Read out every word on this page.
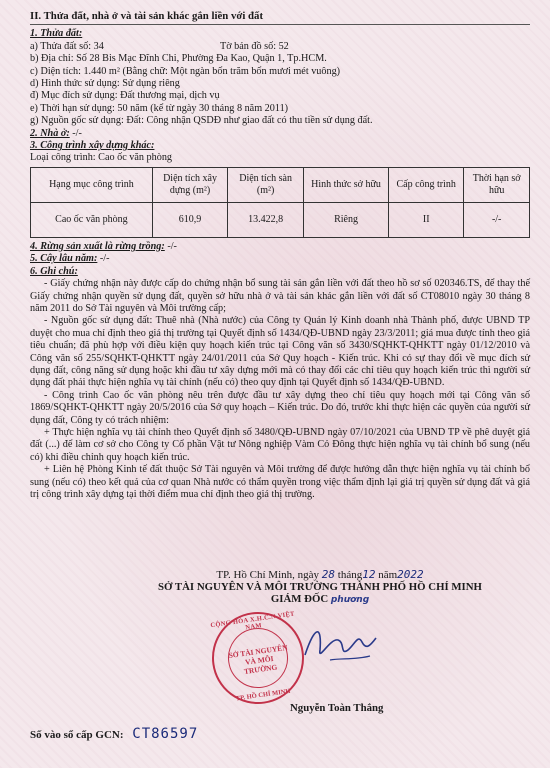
II. Thửa đất, nhà ở và tài sản khác gắn liền với đất
1. Thửa đất:
a) Thửa đất số: 34	Tờ bản đồ số: 52
b) Địa chỉ: Số 28 Bis Mạc Đĩnh Chi, Phường Đa Kao, Quận 1, Tp.HCM.
c) Diện tích: 1.440 m² (Bằng chữ: Một ngàn bốn trăm bốn mươi mét vuông)
d) Hình thức sử dụng: Sử dụng riêng
đ) Mục đích sử dụng: Đất thương mại, dịch vụ
e) Thời hạn sử dụng: 50 năm (kể từ ngày 30 tháng 8 năm 2011)
g) Nguồn gốc sử dụng: Đất: Công nhận QSDĐ như giao đất có thu tiền sử dụng đất.
2. Nhà ở: -/-
3. Công trình xây dựng khác:
Loại công trình: Cao ốc văn phòng
Hạng mục công trình	Diện tích xây dựng (m²)	Diện tích sàn (m²)	Hình thức sở hữu	Cấp công trình	Thời hạn sở hữu
Cao ốc văn phòng	610,9	13.422,8	Riêng	II	-/-
4. Rừng sản xuất là rừng trồng: -/-
5. Cây lâu năm: -/-
6. Ghi chú:

- Giấy chứng nhận này được cấp do chứng nhận bổ sung tài sản gắn liền với đất theo hồ sơ số 020346.TS, để thay thế Giấy chứng nhận quyền sử dụng đất, quyền sở hữu nhà ở và tài sản khác gắn liền với đất số CT08010 ngày 30 tháng 8 năm 2011 do Sở Tài nguyên và Môi trường cấp;

- Nguồn gốc sử dụng đất: Thuê nhà (Nhà nước) của Công ty Quản lý Kinh doanh nhà Thành phố, được UBND TP duyệt cho mua chỉ định theo giá thị trường tại Quyết định số 1434/QĐ-UBND ngày 23/3/2011; giá mua được tính theo giá tiêu chuẩn; đã phù hợp với điều kiện quy hoạch kiến trúc tại Công văn số 3430/SQHKT-QHKTT ngày 01/12/2010 và Công văn số 255/SQHKT-QHKTT ngày 24/01/2011 của Sở Quy hoạch - Kiến trúc. Khi có sự thay đổi về mục đích sử dụng đất, công năng sử dụng hoặc khi đầu tư xây dựng mới mà có thay đổi các chỉ tiêu quy hoạch kiến trúc thì người sử dụng đất phải thực hiện nghĩa vụ tài chính (nếu có) theo quy định tại Quyết định số 1434/QĐ-UBND.

- Công trình Cao ốc văn phòng nêu trên được đầu tư xây dựng theo chỉ tiêu quy hoạch mới tại Công văn số 1869/SQHKT-QHKTT ngày 20/5/2016 của Sở quy hoạch – Kiến trúc. Do đó, trước khi thực hiện các quyền của người sử dụng đất, Công ty có trách nhiệm:

+ Thực hiện nghĩa vụ tài chính theo Quyết định số 3480/QĐ-UBND ngày 07/10/2021 của UBND TP về phê duyệt giá đất (...) để làm cơ sở cho Công ty Cổ phần Vật tư Nông nghiệp Vàm Cỏ Đông thực hiện nghĩa vụ tài chính bổ sung (nếu có) khi điều chỉnh quy hoạch kiến trúc.

+ Liên hệ Phòng Kinh tế đất thuộc Sở Tài nguyên và Môi trường để được hướng dẫn thực hiện nghĩa vụ tài chính bổ sung (nếu có) theo kết quả của cơ quan Nhà nước có thẩm quyền trong việc thẩm định lại giá trị quyền sử dụng đất và giá trị công trình xây dựng tại thời điểm mua chỉ định theo giá thị trường.

TP. Hồ Chí Minh, ngày 28 tháng12 năm2022
SỞ TÀI NGUYÊN VÀ MÔI TRƯỜNG THÀNH PHỐ HỒ CHÍ MINH
GIÁM ĐỐC phương
CỘNG HÒA X.H.C.N VIỆT NAM
SỞ TÀI NGUYÊN VÀ MÔI TRƯỜNG
TP. HỒ CHÍ MINH
Nguyễn Toàn Thắng
Số vào sổ cấp GCN: CT86597
